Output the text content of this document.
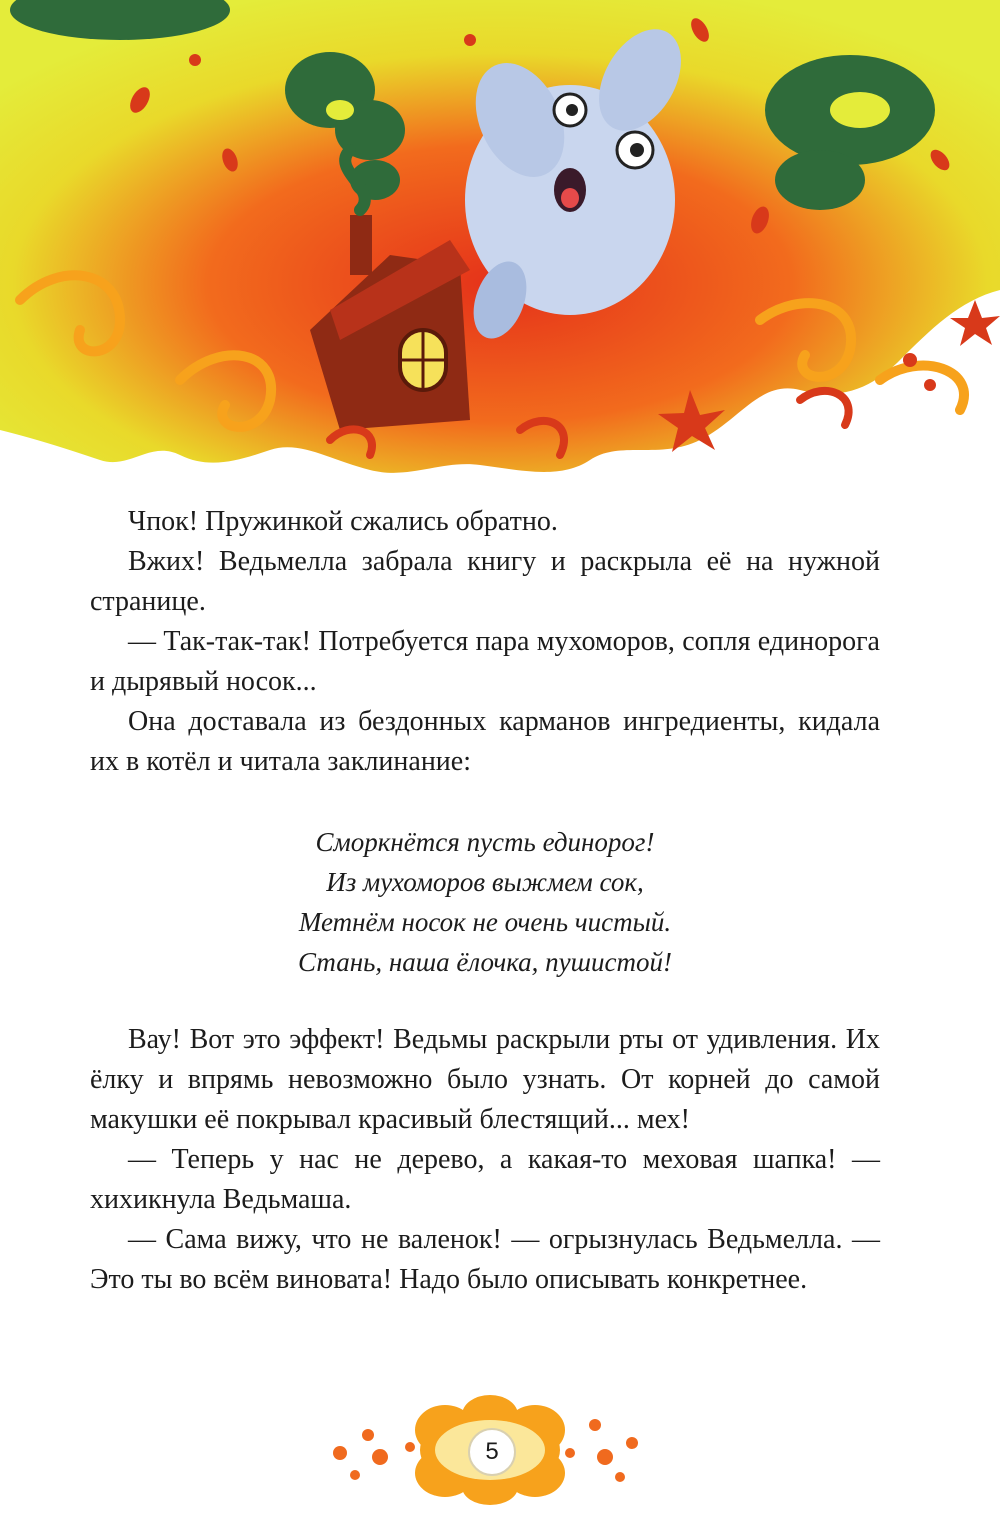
Чпок! Пружинкой сжались обратно.

Вжих! Ведьмелла забрала книгу и раскрыла её на нужной странице.

— Так-так-так! Потребуется пара мухоморов, сопля единорога и дырявый носок...

Она доставала из бездонных карманов ингредиенты, кидала их в котёл и читала заклинание:

Сморкнётся пусть единорог!
Из мухоморов выжмем сок,
Метнём носок не очень чистый.
Стань, наша ёлочка, пушистой!

Вау! Вот это эффект! Ведьмы раскрыли рты от удивления. Их ёлку и впрямь невозможно было узнать. От корней до самой макушки её покрывал красивый блестящий... мех!

— Теперь у нас не дерево, а какая-то меховая шапка! — хихикнула Ведьмаша.

— Сама вижу, что не валенок! — огрызнулась Ведьмелла. — Это ты во всём виновата! Надо было описывать конкретнее.

5
